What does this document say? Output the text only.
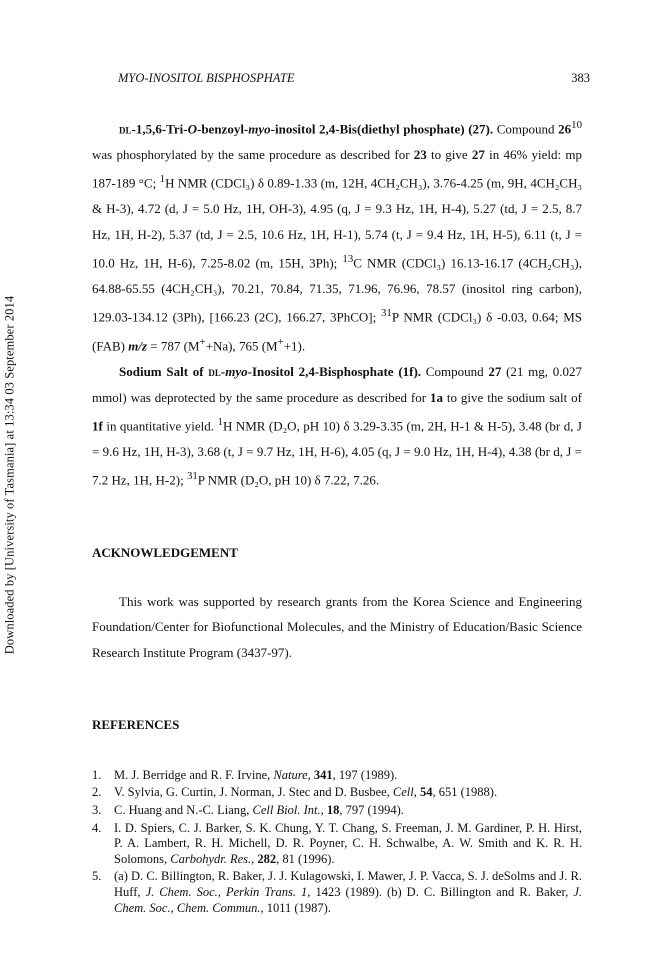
Downloaded by [University of Tasmania] at 13:34 03 September 2014
MYO-INOSITOL BISPHOSPHATE	383

dl-1,5,6-Tri-O-benzoyl-myo-inositol 2,4-Bis(diethyl phosphate) (27). Compound $26^{10}$ was phosphorylated by the same procedure as described for 23 to give 27 in 46% yield: mp 187-189 °C; $^1$H NMR (CDCl₃) δ 0.89-1.33 (m, 12H, 4CH₂CH₃), 3.76-4.25 (m, 9H, 4CH₂CH₃ & H-3), 4.72 (d, J = 5.0 Hz, 1H, OH-3), 4.95 (q, J = 9.3 Hz, 1H, H-4), 5.27 (td, J = 2.5, 8.7 Hz, 1H, H-2), 5.37 (td, J = 2.5, 10.6 Hz, 1H, H-1), 5.74 (t, J = 9.4 Hz, 1H, H-5), 6.11 (t, J = 10.0 Hz, 1H, H-6), 7.25-8.02 (m, 15H, 3Ph); $^{13}$C NMR (CDCl₃) 16.13-16.17 (4CH₂CH₃), 64.88-65.55 (4CH₂CH₃), 70.21, 70.84, 71.35, 71.96, 76.96, 78.57 (inositol ring carbon), 129.03-134.12 (3Ph), [166.23 (2C), 166.27, 3PhCO]; $^{31}$P NMR (CDCl₃) δ -0.03, 0.64; MS (FAB) m/z = 787 (M++Na), 765 (M++1).

Sodium Salt of dl-myo-Inositol 2,4-Bisphosphate (1f). Compound 27 (21 mg, 0.027 mmol) was deprotected by the same procedure as described for 1a to give the sodium salt of 1f in quantitative yield. $^1$H NMR (D₂O, pH 10) δ 3.29-3.35 (m, 2H, H-1 & H-5), 3.48 (br d, J = 9.6 Hz, 1H, H-3), 3.68 (t, J = 9.7 Hz, 1H, H-6), 4.05 (q, J = 9.0 Hz, 1H, H-4), 4.38 (br d, J = 7.2 Hz, 1H, H-2); $^{31}$P NMR (D₂O, pH 10) δ 7.22, 7.26.

ACKNOWLEDGEMENT

This work was supported by research grants from the Korea Science and Engineering Foundation/Center for Biofunctional Molecules, and the Ministry of Education/Basic Science Research Institute Program (3437-97).

REFERENCES

1.	M. J. Berridge and R. F. Irvine, Nature, 341, 197 (1989).
2.	V. Sylvia, G. Curtin, J. Norman, J. Stec and D. Busbee, Cell, 54, 651 (1988).
3.	C. Huang and N.-C. Liang, Cell Biol. Int., 18, 797 (1994).
4.	I. D. Spiers, C. J. Barker, S. K. Chung, Y. T. Chang, S. Freeman, J. M. Gardiner, P. H. Hirst, P. A. Lambert, R. H. Michell, D. R. Poyner, C. H. Schwalbe, A. W. Smith and K. R. H. Solomons, Carbohydr. Res., 282, 81 (1996).
5.	(a) D. C. Billington, R. Baker, J. J. Kulagowski, I. Mawer, J. P. Vacca, S. J. deSolms and J. R. Huff, J. Chem. Soc., Perkin Trans. 1, 1423 (1989). (b) D. C. Billington and R. Baker, J. Chem. Soc., Chem. Commun., 1011 (1987).
